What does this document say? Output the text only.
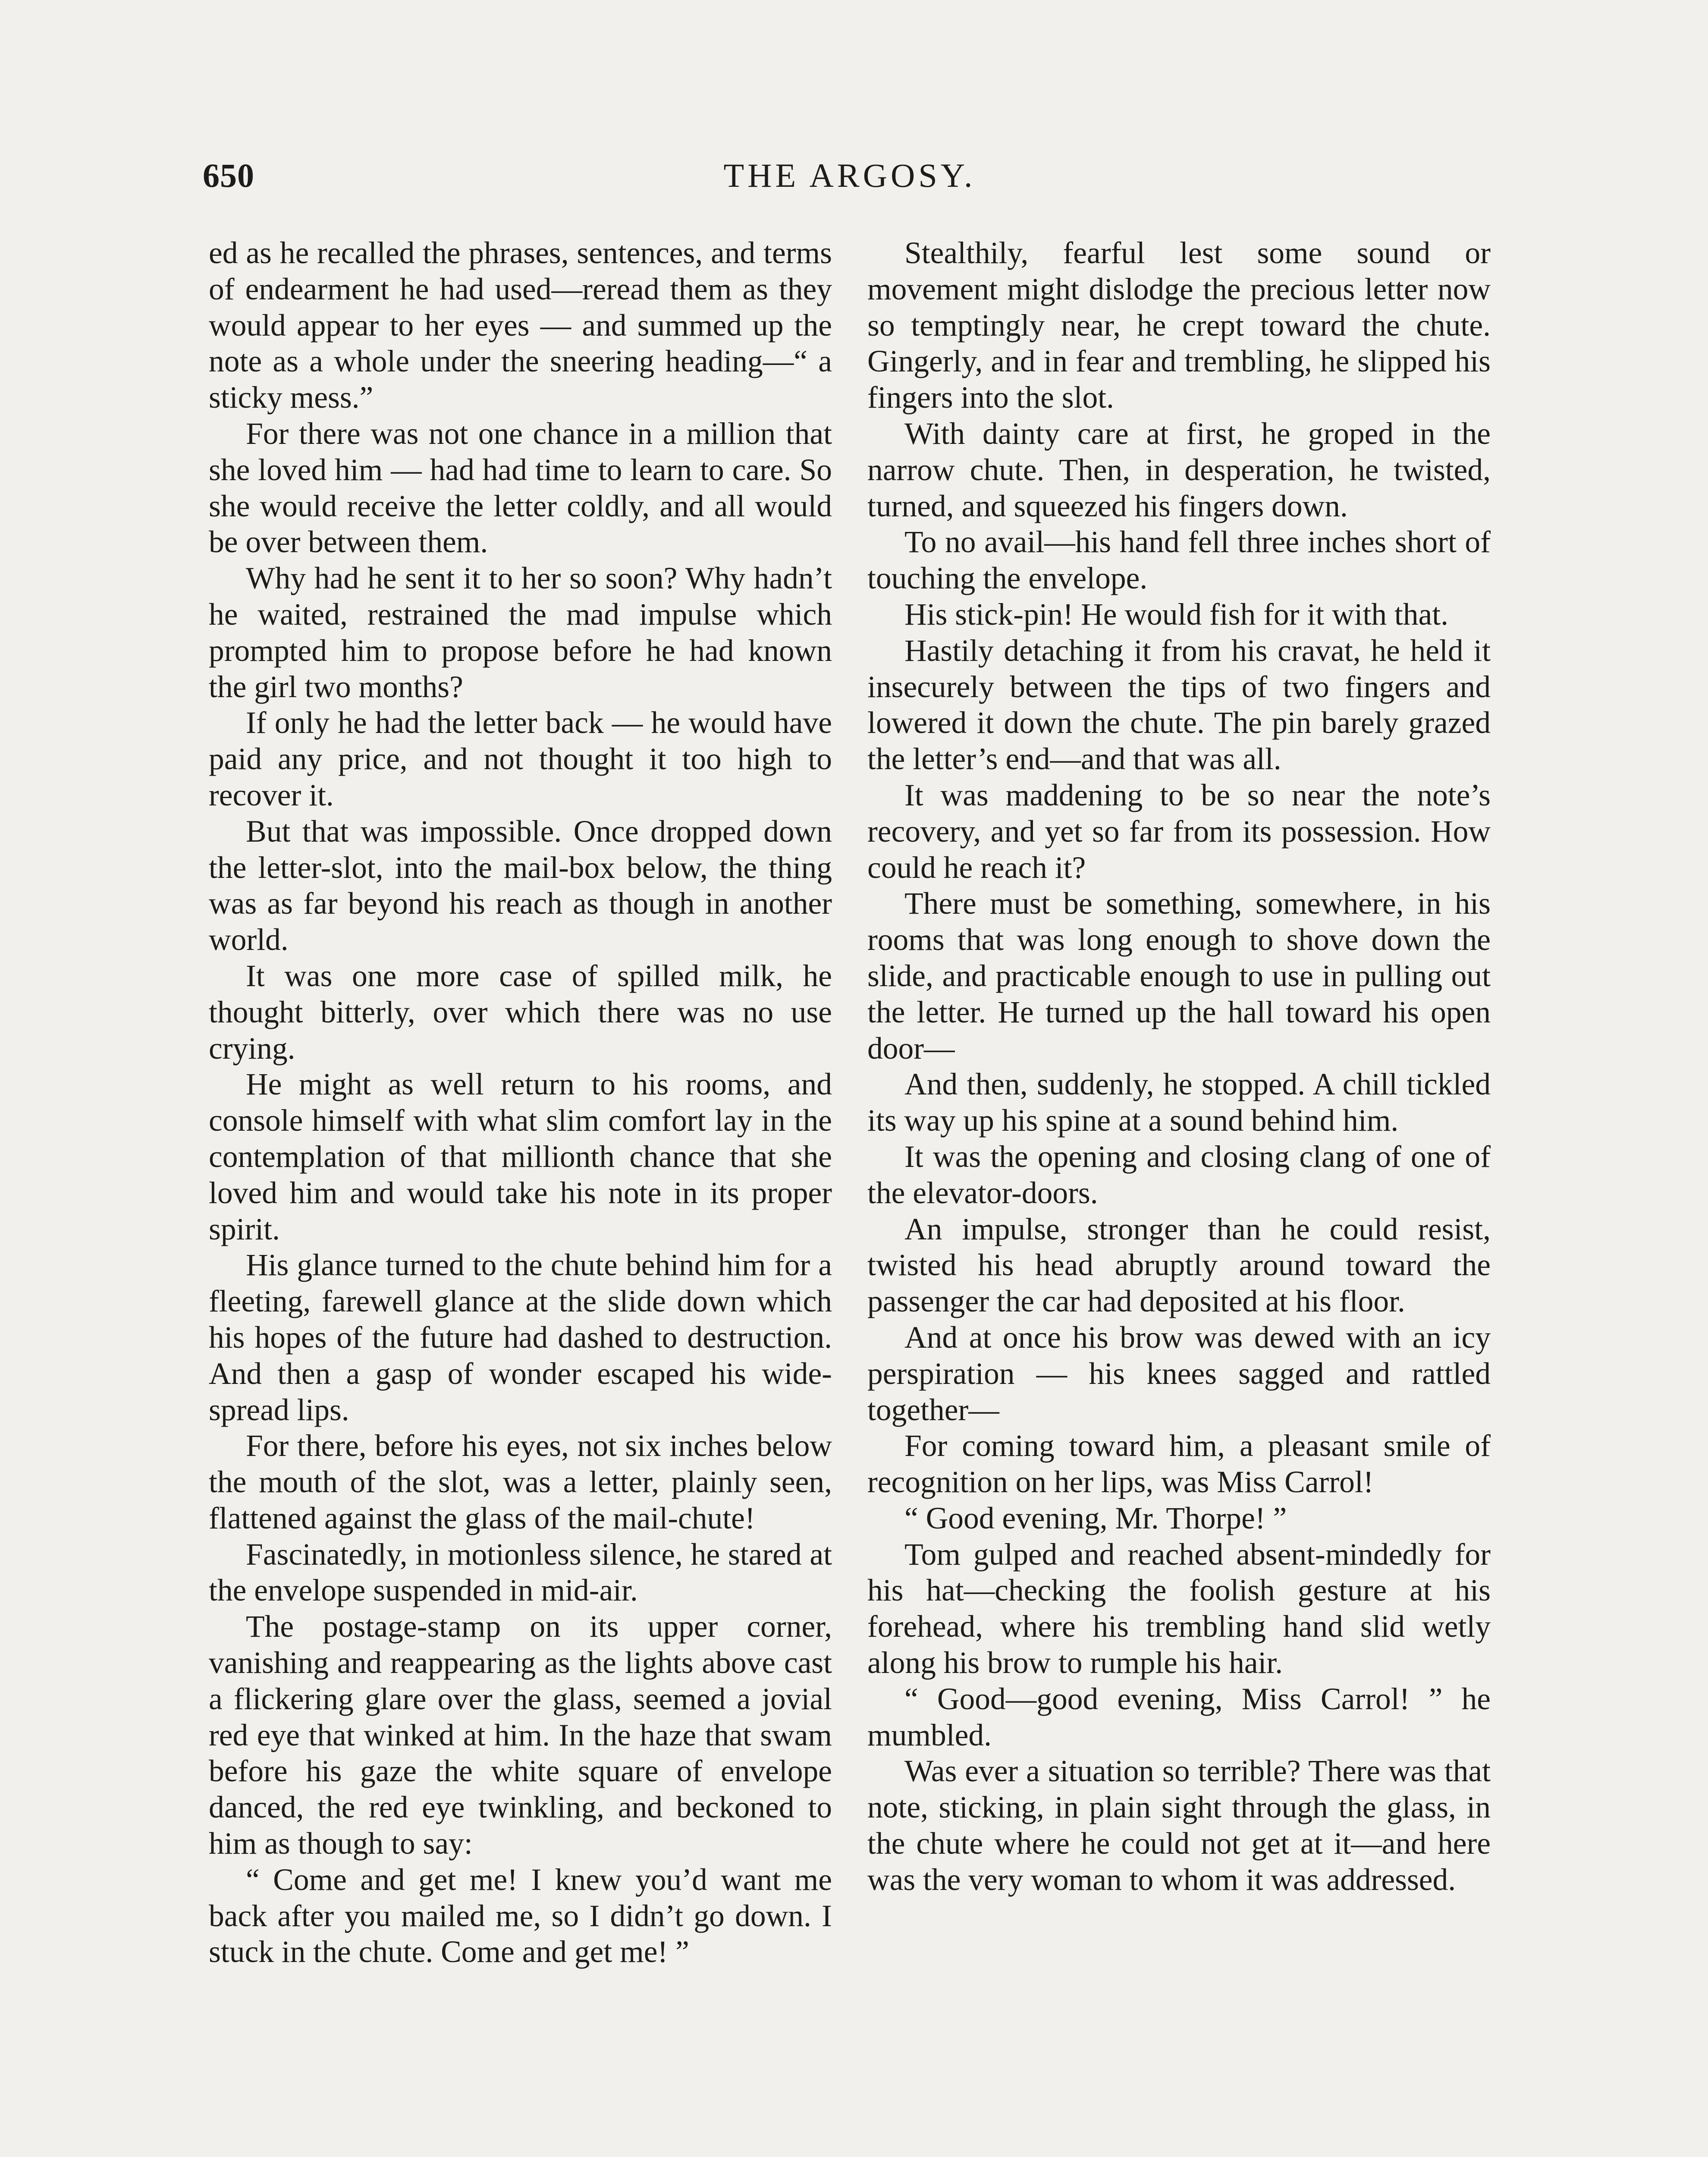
650	THE ARGOSY.

ed as he recalled the phrases, sentences, and terms of endearment he had used—reread them as they would appear to her eyes — and summed up the note as a whole under the sneering heading—“ a sticky mess.”

For there was not one chance in a million that she loved him — had had time to learn to care. So she would receive the letter coldly, and all would be over between them.

Why had he sent it to her so soon? Why hadn’t he waited, restrained the mad impulse which prompted him to propose before he had known the girl two months?

If only he had the letter back — he would have paid any price, and not thought it too high to recover it.

But that was impossible. Once dropped down the letter-slot, into the mail-box below, the thing was as far beyond his reach as though in another world.

It was one more case of spilled milk, he thought bitterly, over which there was no use crying.

He might as well return to his rooms, and console himself with what slim comfort lay in the contemplation of that millionth chance that she loved him and would take his note in its proper spirit.

His glance turned to the chute behind him for a fleeting, farewell glance at the slide down which his hopes of the future had dashed to destruction. And then a gasp of wonder escaped his wide-spread lips.

For there, before his eyes, not six inches below the mouth of the slot, was a letter, plainly seen, flattened against the glass of the mail-chute!

Fascinatedly, in motionless silence, he stared at the envelope suspended in mid-air.

The postage-stamp on its upper corner, vanishing and reappearing as the lights above cast a flickering glare over the glass, seemed a jovial red eye that winked at him. In the haze that swam before his gaze the white square of envelope danced, the red eye twinkling, and beckoned to him as though to say:

“ Come and get me! I knew you’d want me back after you mailed me, so I didn’t go down. I stuck in the chute. Come and get me! ”

Stealthily, fearful lest some sound or movement might dislodge the precious letter now so temptingly near, he crept toward the chute. Gingerly, and in fear and trembling, he slipped his fingers into the slot.

With dainty care at first, he groped in the narrow chute. Then, in desperation, he twisted, turned, and squeezed his fingers down.

To no avail—his hand fell three inches short of touching the envelope.

His stick-pin! He would fish for it with that.

Hastily detaching it from his cravat, he held it insecurely between the tips of two fingers and lowered it down the chute. The pin barely grazed the letter’s end—and that was all.

It was maddening to be so near the note’s recovery, and yet so far from its possession. How could he reach it?

There must be something, somewhere, in his rooms that was long enough to shove down the slide, and practicable enough to use in pulling out the letter. He turned up the hall toward his open door—

And then, suddenly, he stopped. A chill tickled its way up his spine at a sound behind him.

It was the opening and closing clang of one of the elevator-doors.

An impulse, stronger than he could resist, twisted his head abruptly around toward the passenger the car had deposited at his floor.

And at once his brow was dewed with an icy perspiration — his knees sagged and rattled together—

For coming toward him, a pleasant smile of recognition on her lips, was Miss Carrol!

“ Good evening, Mr. Thorpe! ”

Tom gulped and reached absent-mindedly for his hat—checking the foolish gesture at his forehead, where his trembling hand slid wetly along his brow to rumple his hair.

“ Good—good evening, Miss Carrol! ” he mumbled.

Was ever a situation so terrible? There was that note, sticking, in plain sight through the glass, in the chute where he could not get at it—and here was the very woman to whom it was addressed.
